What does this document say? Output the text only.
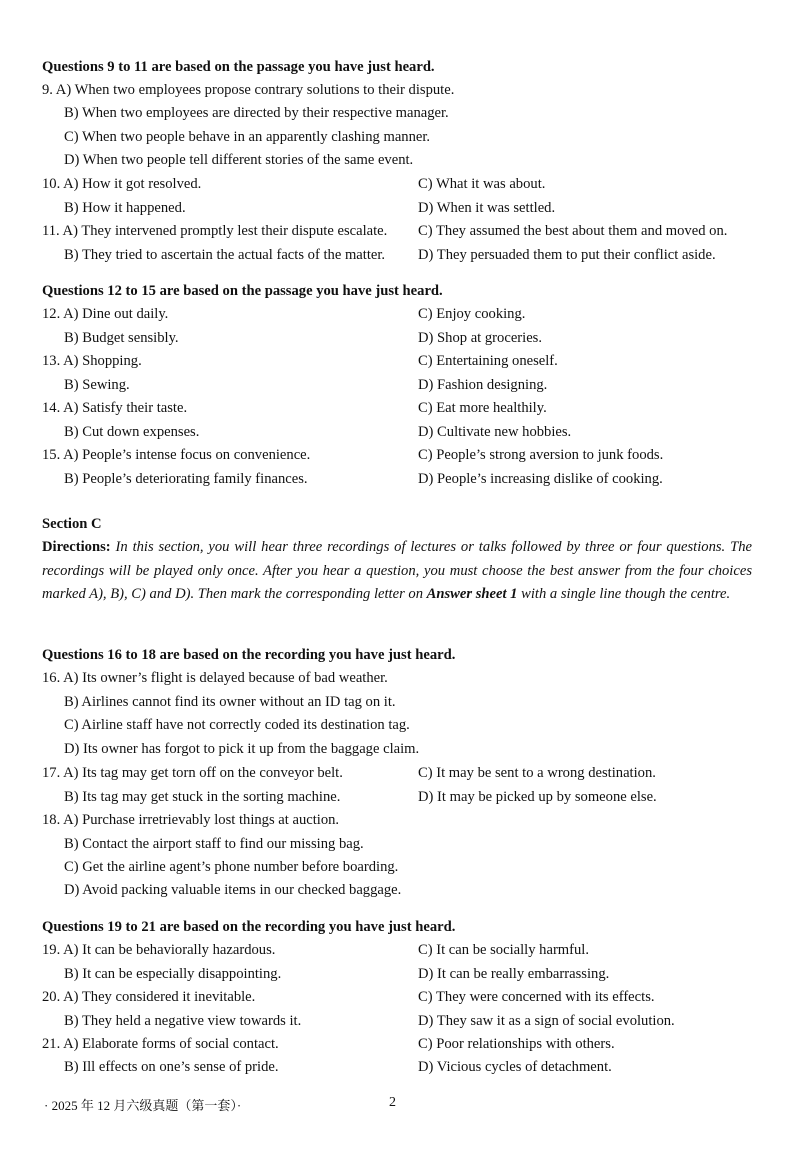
Questions 9 to 11 are based on the passage you have just heard.
9. A) When two employees propose contrary solutions to their dispute.
B) When two employees are directed by their respective manager.
C) When two people behave in an apparently clashing manner.
D) When two people tell different stories of the same event.
10. A) How it got resolved.	C) What it was about.
B) How it happened.	D) When it was settled.
11. A) They intervened promptly lest their dispute escalate. C) They assumed the best about them and moved on.
B) They tried to ascertain the actual facts of the matter. D) They persuaded them to put their conflict aside.
Questions 12 to 15 are based on the passage you have just heard.
12. A) Dine out daily.	C) Enjoy cooking.
B) Budget sensibly.	D) Shop at groceries.
13. A) Shopping.	C) Entertaining oneself.
B) Sewing.	D) Fashion designing.
14. A) Satisfy their taste.	C) Eat more healthily.
B) Cut down expenses.	D) Cultivate new hobbies.
15. A) People’s intense focus on convenience.	C) People’s strong aversion to junk foods.
B) People’s deteriorating family finances.	D) People’s increasing dislike of cooking.
Section C
Directions: In this section, you will hear three recordings of lectures or talks followed by three or four questions. The recordings will be played only once. After you hear a question, you must choose the best answer from the four choices marked A), B), C) and D). Then mark the corresponding letter on Answer sheet 1 with a single line though the centre.
Questions 16 to 18 are based on the recording you have just heard.
16. A) Its owner’s flight is delayed because of bad weather.
B) Airlines cannot find its owner without an ID tag on it.
C) Airline staff have not correctly coded its destination tag.
D) Its owner has forgot to pick it up from the baggage claim.
17. A) Its tag may get torn off on the conveyor belt.	C) It may be sent to a wrong destination.
B) Its tag may get stuck in the sorting machine.	D) It may be picked up by someone else.
18. A) Purchase irretrievably lost things at auction.
B) Contact the airport staff to find our missing bag.
C) Get the airline agent’s phone number before boarding.
D) Avoid packing valuable items in our checked baggage.
Questions 19 to 21 are based on the recording you have just heard.
19. A) It can be behaviorally hazardous.	C) It can be socially harmful.
B) It can be especially disappointing.	D) It can be really embarrassing.
20. A) They considered it inevitable.	C) They were concerned with its effects.
B) They held a negative view towards it.	D) They saw it as a sign of social evolution.
21. A) Elaborate forms of social contact.	C) Poor relationships with others.
B) Ill effects on one’s sense of pride.	D) Vicious cycles of detachment.
· 2025 年 12 月六级真题（第一套）·	2
